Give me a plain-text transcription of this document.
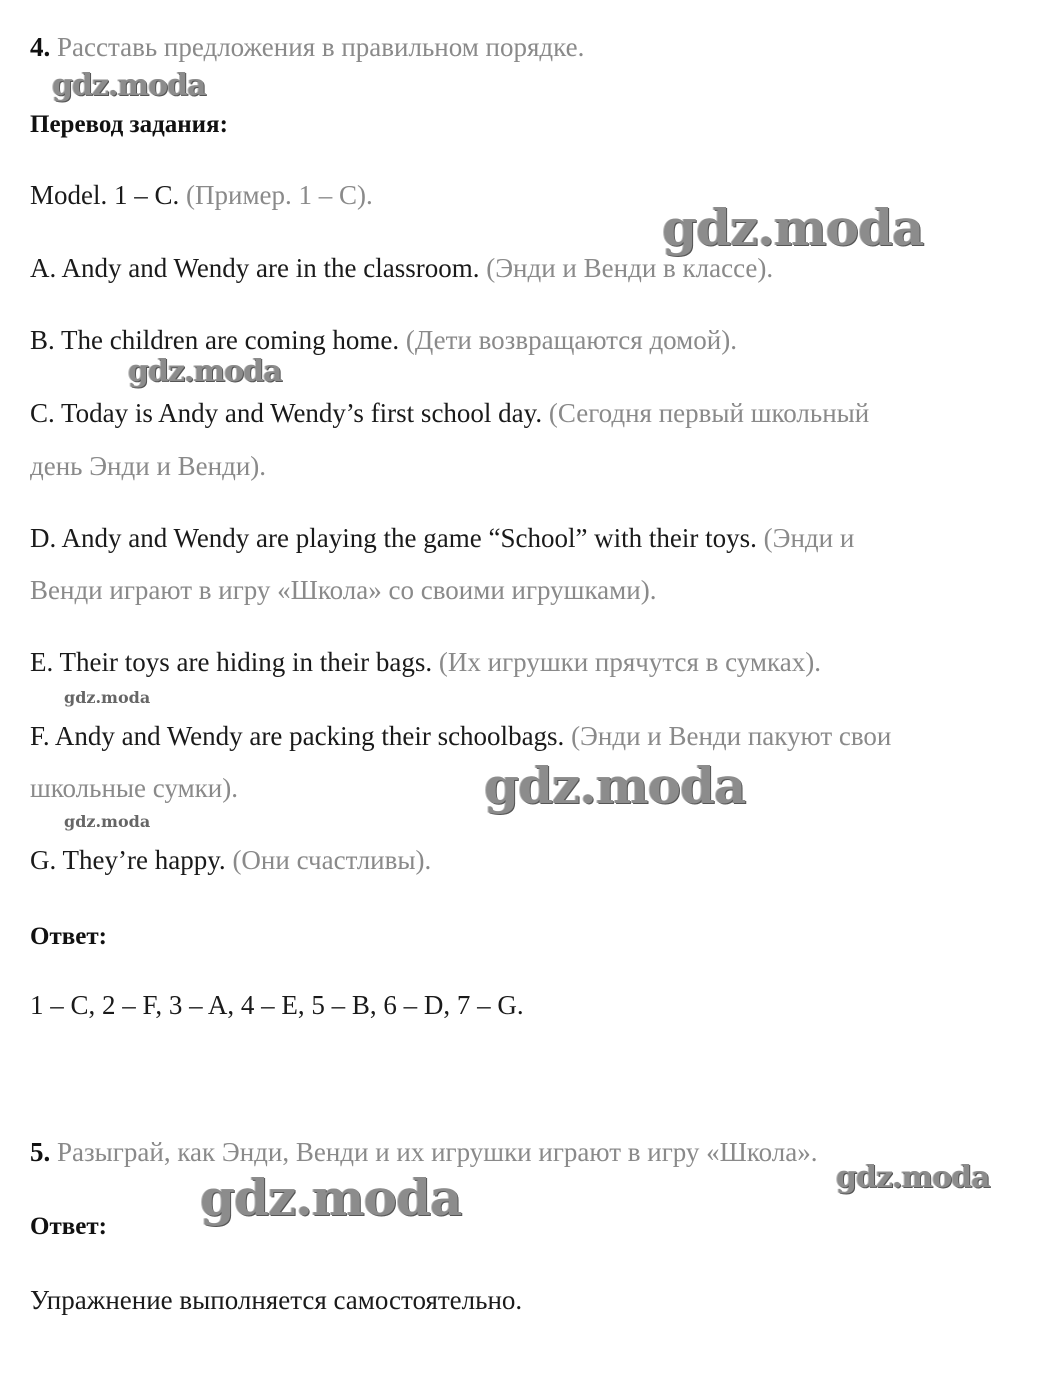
4. Расставь предложения в правильном порядке.
Перевод задания:
Model. 1 – C. (Пример. 1 – С).
A. Andy and Wendy are in the classroom. (Энди и Венди в классе).
B. The children are coming home. (Дети возвращаются домой).
C. Today is Andy and Wendy’s first school day. (Сегодня первый школьный
день Энди и Венди).
D. Andy and Wendy are playing the game “School” with their toys. (Энди и
Венди играют в игру «Школа» со своими игрушками).
E. Their toys are hiding in their bags. (Их игрушки прячутся в сумках).
F. Andy and Wendy are packing their schoolbags. (Энди и Венди пакуют свои
школьные сумки).
G. They’re happy. (Они счастливы).
Ответ:
1 – C, 2 – F, 3 – A, 4 – E, 5 – B, 6 – D, 7 – G.
5. Разыграй, как Энди, Венди и их игрушки играют в игру «Школа».
Ответ:
Упражнение выполняется самостоятельно.
gdz.moda
gdz.moda
gdz.moda
gdz.moda
gdz.moda
gdz.moda
gdz.moda
gdz.moda
